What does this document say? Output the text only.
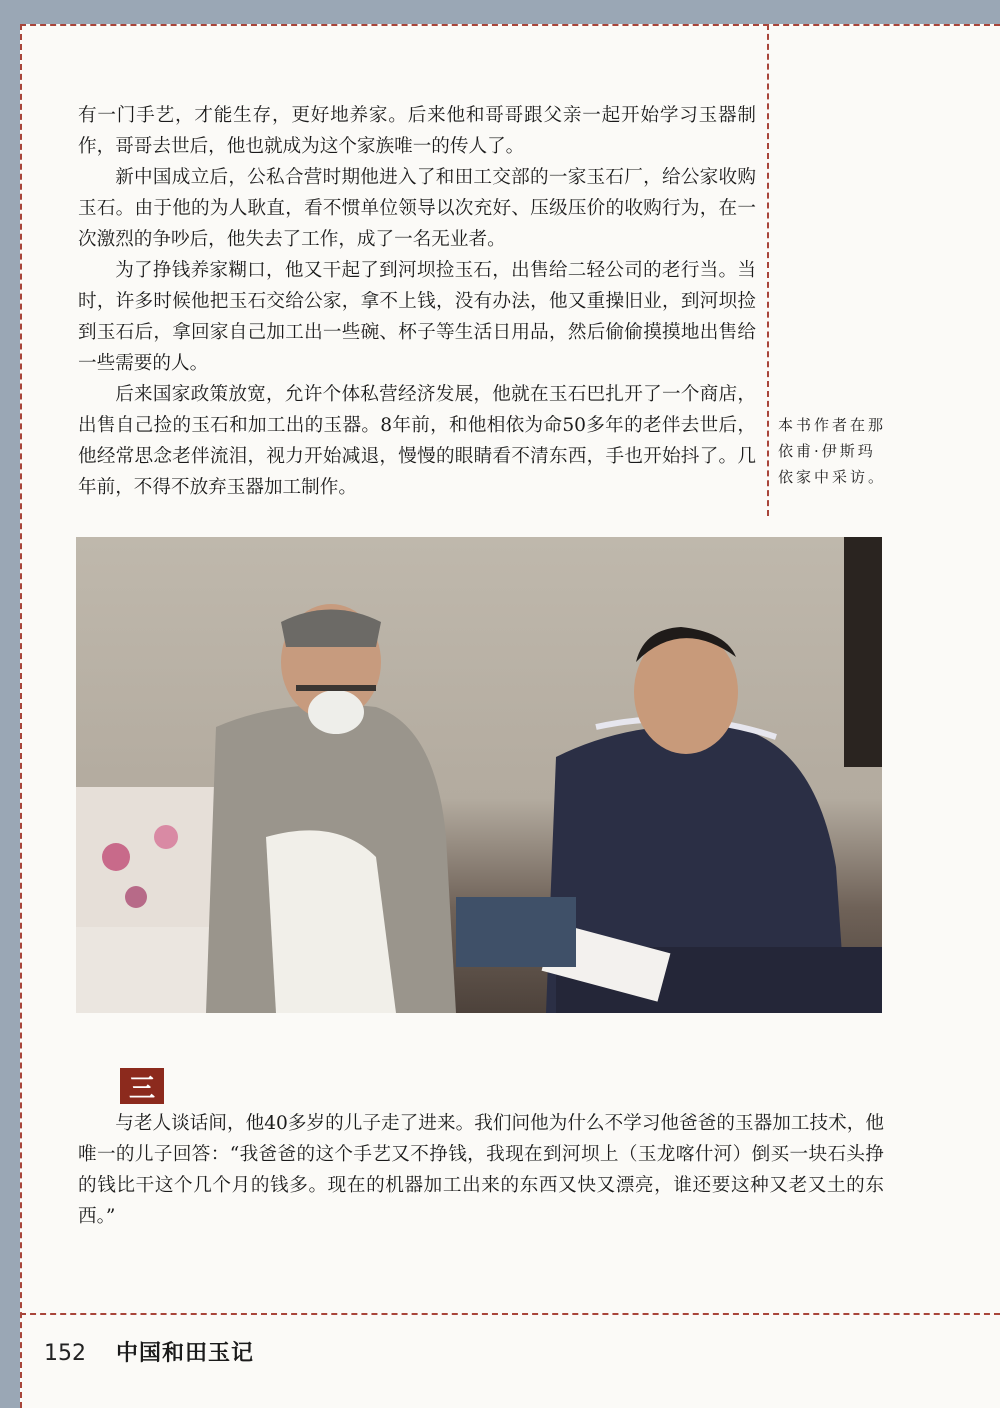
有一门手艺，才能生存，更好地养家。后来他和哥哥跟父亲一起开始学习玉器制作，哥哥去世后，他也就成为这个家族唯一的传人了。

新中国成立后，公私合营时期他进入了和田工交部的一家玉石厂，给公家收购玉石。由于他的为人耿直，看不惯单位领导以次充好、压级压价的收购行为，在一次激烈的争吵后，他失去了工作，成了一名无业者。

为了挣钱养家糊口，他又干起了到河坝捡玉石，出售给二轻公司的老行当。当时，许多时候他把玉石交给公家，拿不上钱，没有办法，他又重操旧业，到河坝捡到玉石后，拿回家自己加工出一些碗、杯子等生活日用品，然后偷偷摸摸地出售给一些需要的人。

后来国家政策放宽，允许个体私营经济发展，他就在玉石巴扎开了一个商店，出售自己捡的玉石和加工出的玉器。8年前，和他相依为命50多年的老伴去世后，他经常思念老伴流泪，视力开始减退，慢慢的眼睛看不清东西，手也开始抖了。几年前，不得不放弃玉器加工制作。

本书作者在那依甫·伊斯玛依家中采访。
三

与老人谈话间，他40多岁的儿子走了进来。我们问他为什么不学习他爸爸的玉器加工技术，他唯一的儿子回答：“我爸爸的这个手艺又不挣钱，我现在到河坝上（玉龙喀什河）倒买一块石头挣的钱比干这个几个月的钱多。现在的机器加工出来的东西又快又漂亮，谁还要这种又老又土的东西。”

152 中国和田玉记
